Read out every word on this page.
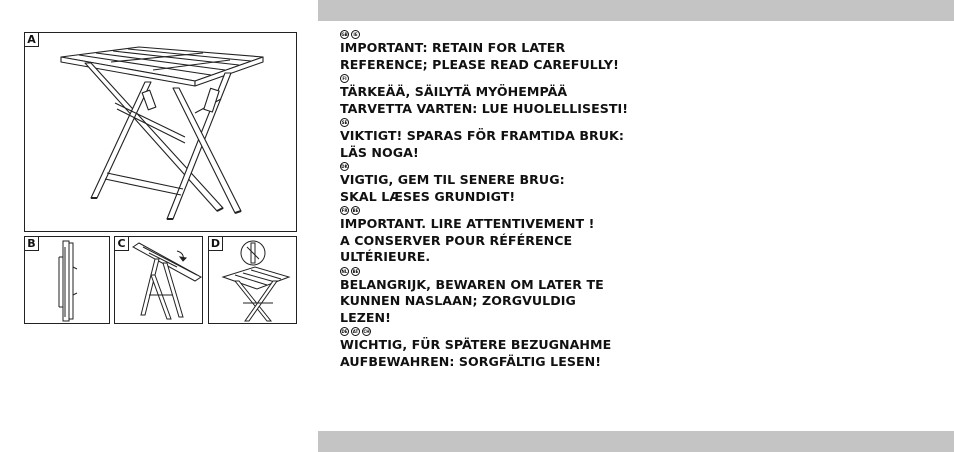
A
B	C	D
GB	IE
IMPORTANT: RETAIN FOR LATER
REFERENCE; PLEASE READ CAREFULLY!
FI
TÄRKEÄÄ, SÄILYTÄ MYÖHEMPÄÄ
TARVETTA VARTEN: LUE HUOLELLISESTI!
SE
VIKTIGT! SPARAS FÖR FRAMTIDA BRUK:
LÄS NOGA!
DK
VIGTIG, GEM TIL SENERE BRUG:
SKAL LÆSES GRUNDIGT!
FR	BE
IMPORTANT. LIRE ATTENTIVEMENT !
A CONSERVER POUR RÉFÉRENCE
ULTÉRIEURE.
NL	BE
BELANGRIJK, BEWAREN OM LATER TE
KUNNEN NASLAAN; ZORGVULDIG
LEZEN!
DE	AT	CH
WICHTIG, FÜR SPÄTERE BEZUGNAHME
AUFBEWAHREN: SORGFÄLTIG LESEN!
